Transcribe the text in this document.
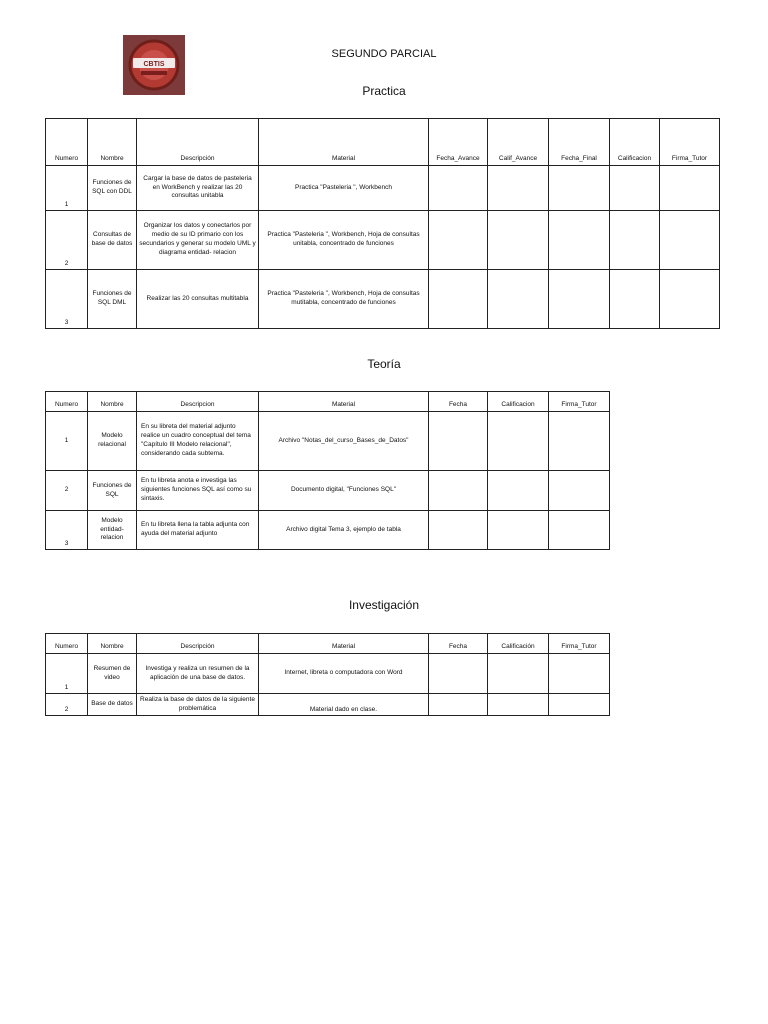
CBTIS
SEGUNDO PARCIAL
Practica
Numero	Nombre	Descripción	Material	Fecha_Avance	Calif_Avance	Fecha_Final	Calificacion	Firma_Tutor
1	Funciones de SQL con DDL	Cargar la base de datos de pasteleria en WorkBench y realizar las 20 consultas unitabla	Practica "Pasteleria ", Workbench					
2	Consultas de base de datos	Organizar los datos y conectarlos por medio de su ID primario con los secundarios y generar su modelo UML y diagrama entidad- relacion	Practica "Pasteleria ", Workbench, Hoja de consultas unitabla, concentrado de funciones					
3	Funciones de SQL DML	Realizar las 20 consultas multitabla	Practica "Pasteleria ", Workbench, Hoja de consultas mutitabla, concentrado de funciones					
Teoría
Numero	Nombre	Descripcion	Material	Fecha	Calificacion	Firma_Tutor
1	Modelo relacional	En su libreta del material adjunto realice un cuadro conceptual del tema "Capítulo III Modelo relacional", considerando cada subtema.	Archivo "Notas_del_curso_Bases_de_Datos"			
2	Funciones de SQL	En tu libreta anota e investiga las siguientes funciones SQL así como su sintaxis.	Documento digital, "Funciones SQL"			
3	Modelo entidad-relacion	En tu libreta llena la tabla adjunta con ayuda del material adjunto	Archivo digital Tema 3, ejemplo de tabla			
Investigación
Numero	Nombre	Descripción	Material	Fecha	Calificación	Firma_Tutor
1	Resumen de video	Investiga y realiza un resumen de la aplicación de una base de datos.	Internet, libreta o computadora con Word			
2	Base de datos	Realiza la base de datos de la siguiente problemática	Material dado en clase.			
